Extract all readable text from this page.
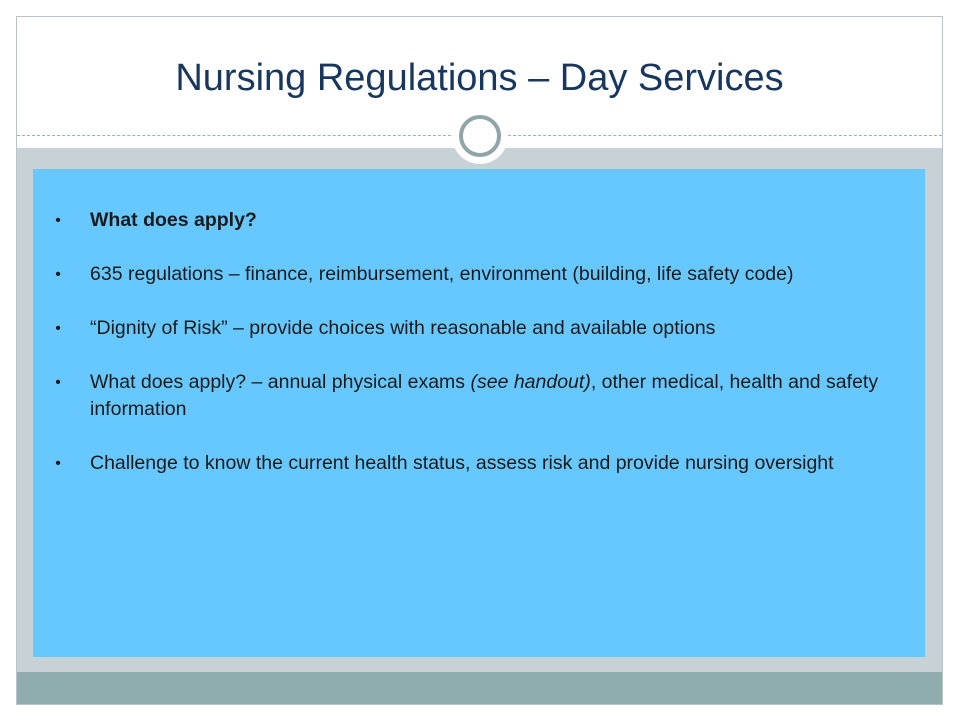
Nursing Regulations – Day Services
• What does apply?
• 635 regulations – finance, reimbursement, environment (building, life safety code)
• “Dignity of Risk” – provide choices with reasonable and available options
• What does apply? – annual physical exams (see handout), other medical, health and safety information
• Challenge to know the current health status, assess risk and provide nursing oversight
